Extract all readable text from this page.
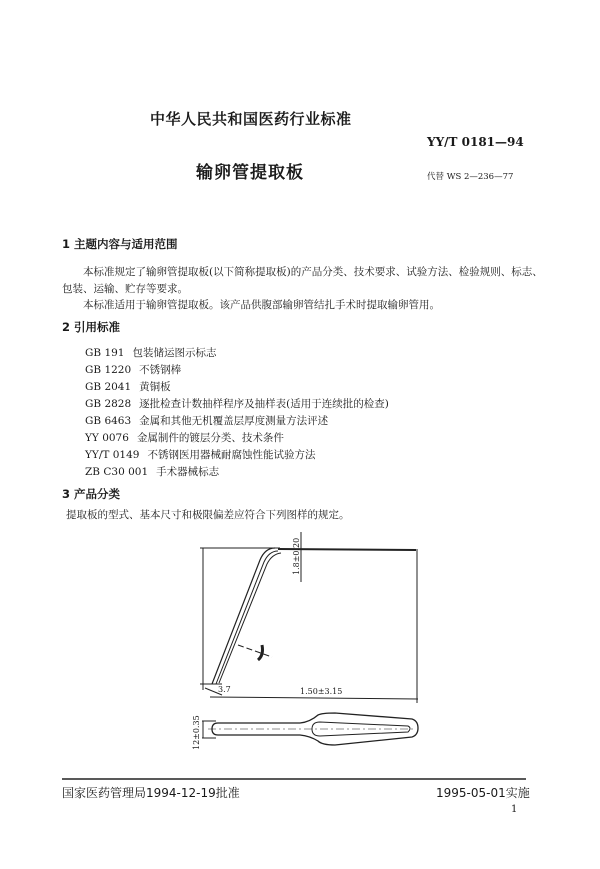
中华人民共和国医药行业标准
YY/T 0181—94
输卵管提取板	代替 WS 2—236—77
1 主题内容与适用范围
本标准规定了输卵管提取板(以下简称提取板)的产品分类、技术要求、试验方法、检验规则、标志、
包装、运输、贮存等要求。
本标准适用于输卵管提取板。该产品供腹部输卵管结扎手术时提取输卵管用。
2 引用标准
GB 191 包装储运图示标志
GB 1220 不锈钢棒
GB 2041 黄铜板
GB 2828 逐批检查计数抽样程序及抽样表(适用于连续批的检查)
GB 6463 金属和其他无机覆盖层厚度测量方法评述
YY 0076 金属制件的镀层分类、技术条件
YY/T 0149 不锈钢医用器械耐腐蚀性能试验方法
ZB C30 001 手术器械标志
3 产品分类
提取板的型式、基本尺寸和极限偏差应符合下列图样的规定。
1.8±0.20
1.50±3.15
3.7
12±0.35
国家医药管理局1994-12-19批准	1995-05-01实施
1
